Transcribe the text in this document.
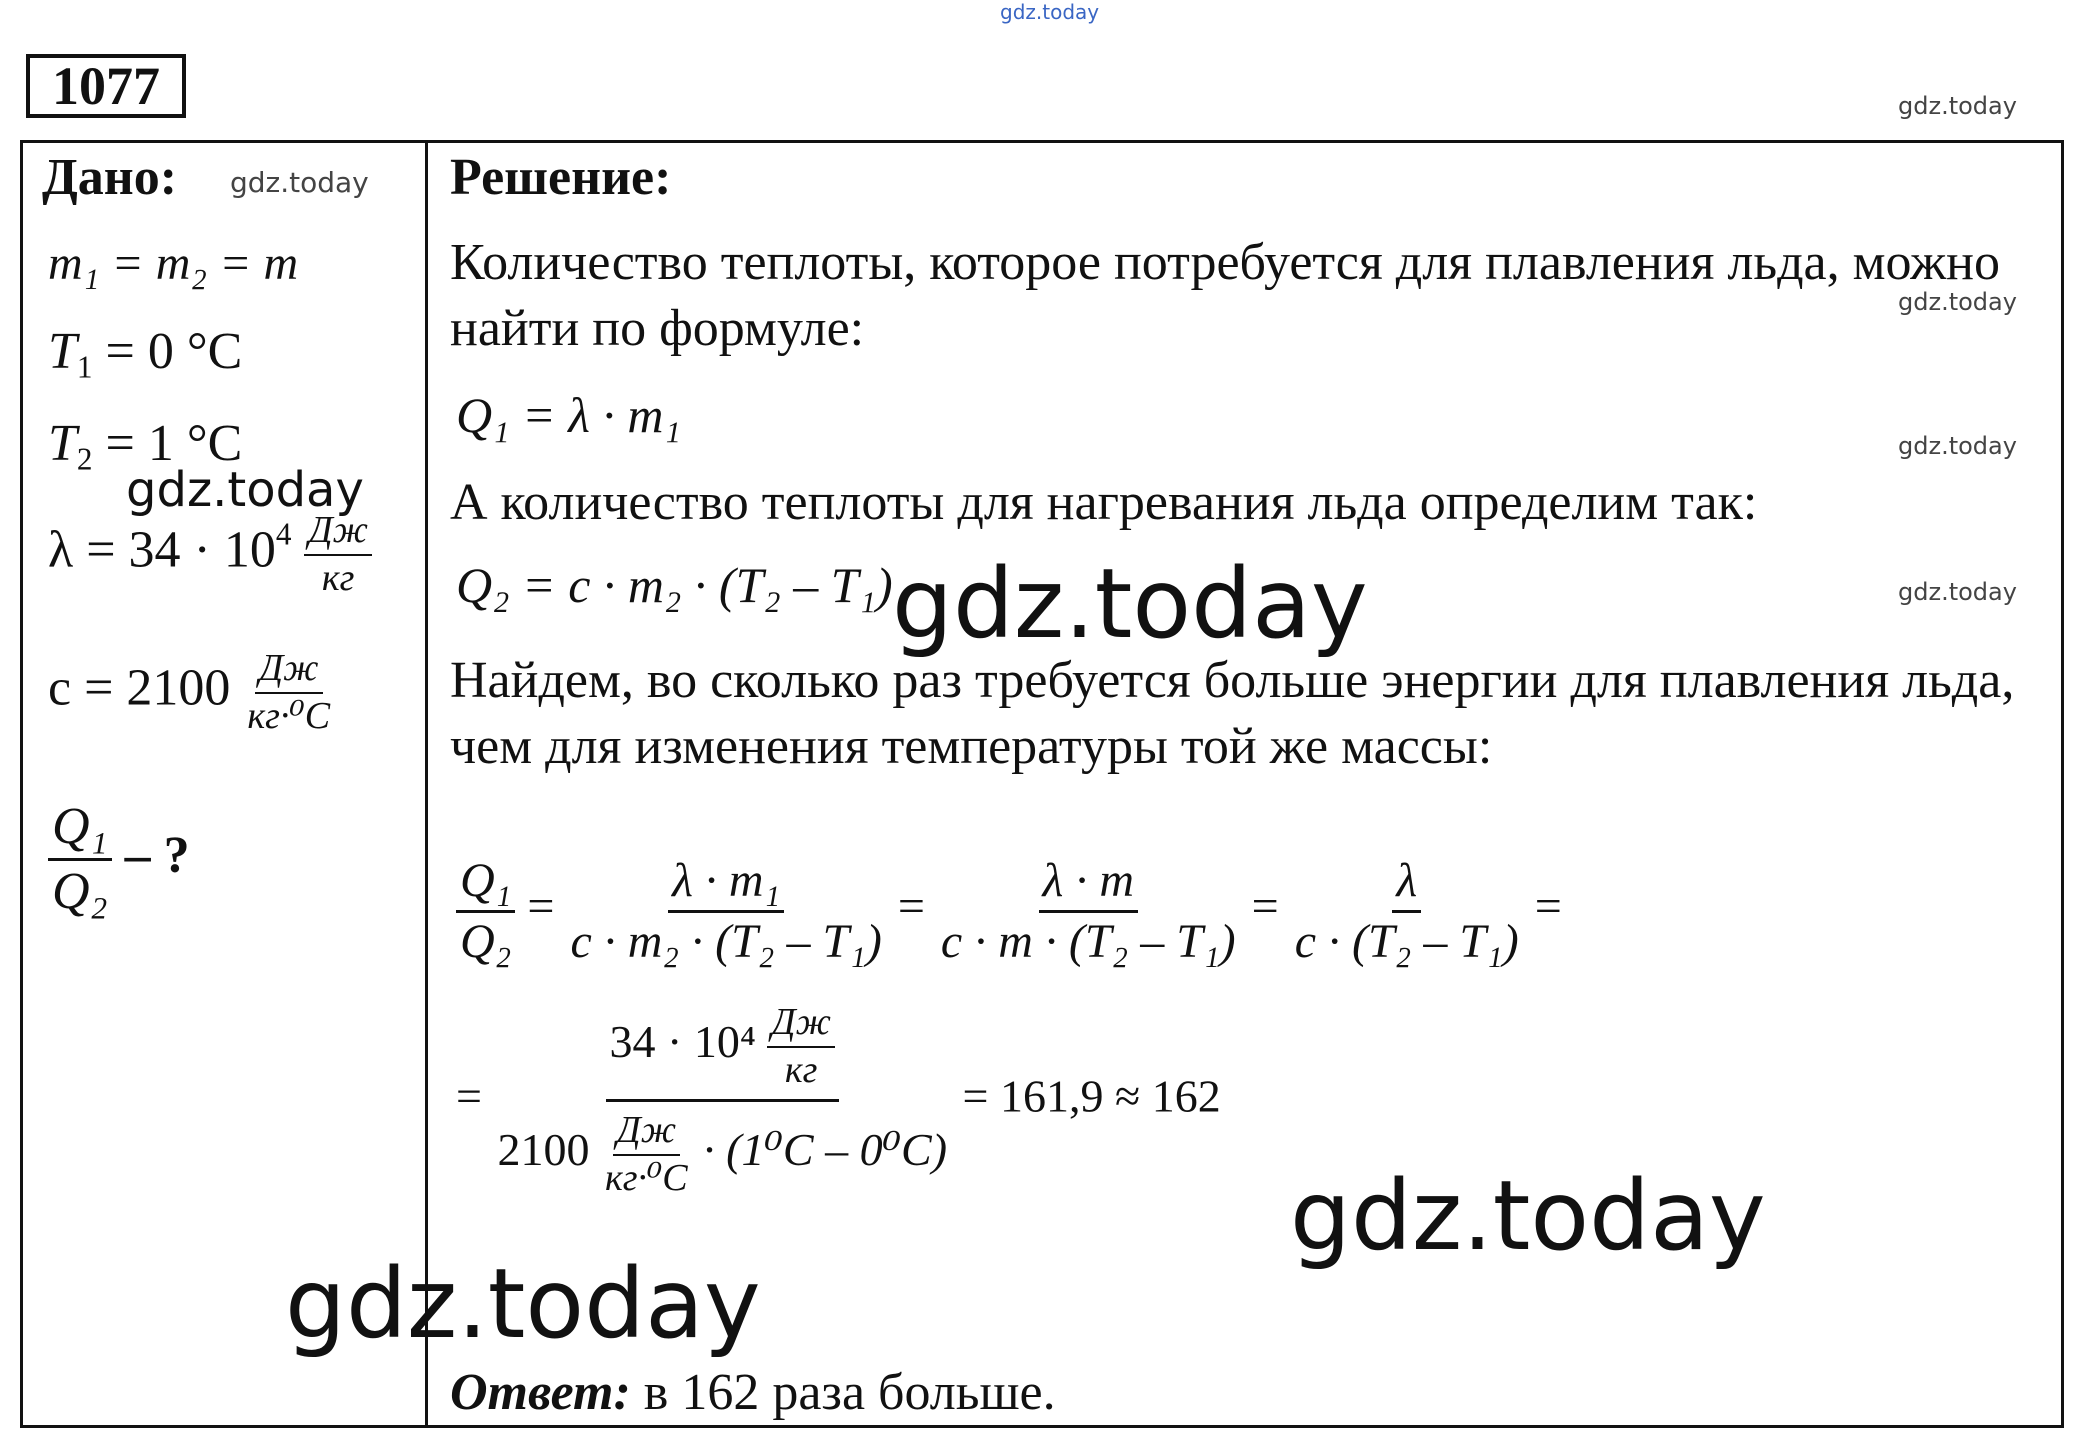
gdz.today
1077	gdz.today
Дано: gdz.today
m₁ = m₂ = m
$T_1 = 0$ °C
$T_2 = 1$ °C
gdz.today
$\lambda = 34 \cdot 10^4 \frac{Дж}{кг}$
$c = 2100 \frac{Дж}{\text{кг·⁰C}}$
$\frac{\text{Q₁}}{\text{Q₂}}$ – ?
Решение:
Количество теплоты, которое потребуется для плавления льда, можно найти по формуле:	gdz.today
Q₁ = λ · m₁
gdz.today
А количество теплоты для нагревания льда определим так:
Q₂ = c · m₂ · (T₂ – T₁) gdz.today	gdz.today
Найдем, во сколько раз требуется больше энергии для плавления льда, чем для изменения температуры той же массы:
$\frac{\text{Q₁}}{\text{Q₂}} = \frac{\text{λ · m₁}}{\text{c · m₂ · (T₂ – T₁)}} = \frac{\lambda \cdot m}{\text{c · m · (T₂ – T₁)}} = \frac{\lambda}{\text{c · (T₂ – T₁)}}$ =
= $\frac{34 \cdot 10^4 \frac{Дж}{кг}}{2100 \frac{Дж}{\text{кг·⁰C}} \cdot (1^0C - 0^0C)} = 161,9 \approx 162$
gdz.today
gdz.today
Ответ: в 162 раза больше.
